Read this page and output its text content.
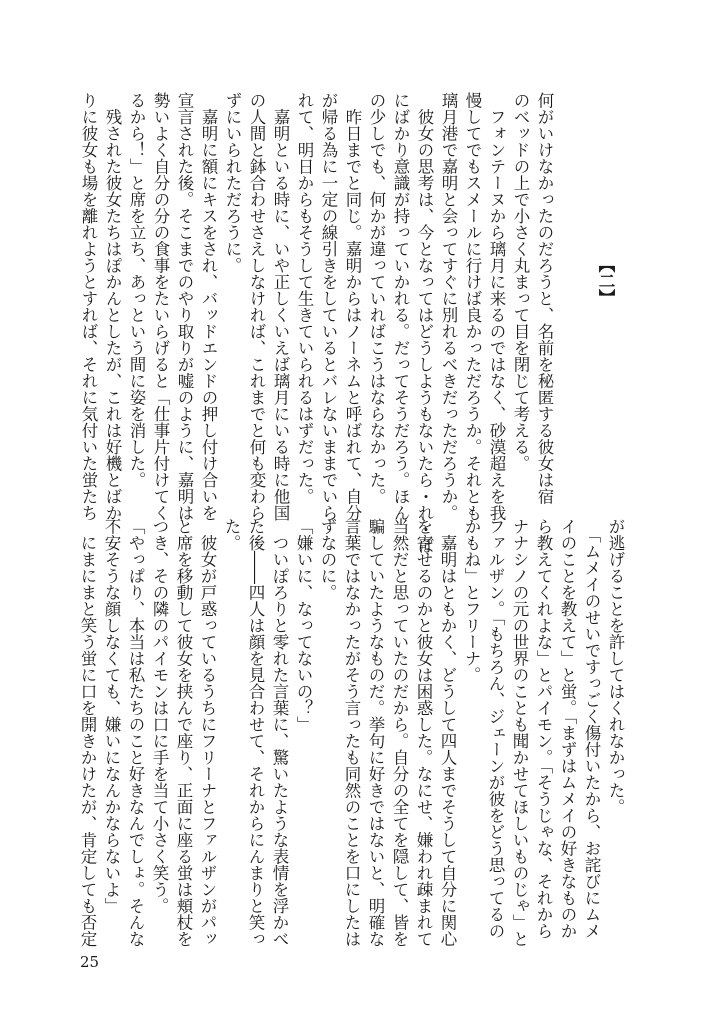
【二】
何がいけなかったのだろうと、名前を秘匿する彼女は宿
のベッドの上で小さく丸まって目を閉じて考える。
　フォンテーヌから璃月に来るのではなく、砂漠超えを我
慢してでもスメールに行けば良かっただろうか。それとも
璃月港で嘉明と会ってすぐに別れるべきだっただろうか。
　彼女の思考は、今となってはどうしようもないたら・れ・ば
にばかり意識が持っていかれる。だってそうだろう。ほん
の少しでも、何かが違っていればこうはならなかった。
　昨日までと同じ。嘉明からはノーネムと呼ばれて、自分
が帰る為に一定の線引きをしているとバレないままでいら
れて、明日からもそうして生きていられるはずだった。
　嘉明といる時に、いや正しくいえば璃月にいる時に他国
の人間と鉢合わせさえしなければ、これまでと何も変わら
ずにいられただろうに。
　嘉明に額にキスをされ、バッドエンドの押し付け合いを
宣言された後。そこまでのやり取りが嘘のように、嘉明は
勢いよく自分の分の食事をたいらげると「仕事片付けてく
るから！」と席を立ち、あっという間に姿を消した。
　残された彼女たちはぽかんとしたが、これは好機とばか
りに彼女も場を離れようとすれば、それに気付いた蛍たち
が逃げることを許してはくれなかった。
　「ムメイのせいですっごく傷付いたから、お詫びにムメ
イのことを教えて」と蛍。「まずはムメイの好きなものか
ら教えてくれよな」とパイモン。「そうじゃな、それから
ナナシノの元の世界のことも聞かせてほしいものじゃ」と
ファルザン。「もちろん、ジェーンが彼をどう思ってるの
かもね」とフリーナ。
　嘉明はともかく、どうして四人までそうして自分に関心
を寄せるのかと彼女は困惑した。なにせ、嫌われ疎まれて
当然だと思っていたのだから。自分の全てを隠して、皆を
騙していたようなものだ。挙句に好きではないと、明確な
言葉ではなかったがそう言ったも同然のことを口にしたは
ずなのに。
「嫌いに、なってないの？」
　ついぽろりと零れた言葉に、驚いたような表情を浮かべ
た後――四人は顔を見合わせて、それからにんまりと笑っ
た。
　彼女が戸惑っているうちにフリーナとファルザンがパッ
と席を移動して彼女を挟んで座り、正面に座る蛍は頬杖を
つき、その隣のパイモンは口に手を当て小さく笑う。
「やっぱり、本当は私たちのこと好きなんでしょ。そんな
不安そうな顔しなくても、嫌いになんかならないよ」
　にまにまと笑う蛍に口を開きかけたが、肯定しても否定
25
